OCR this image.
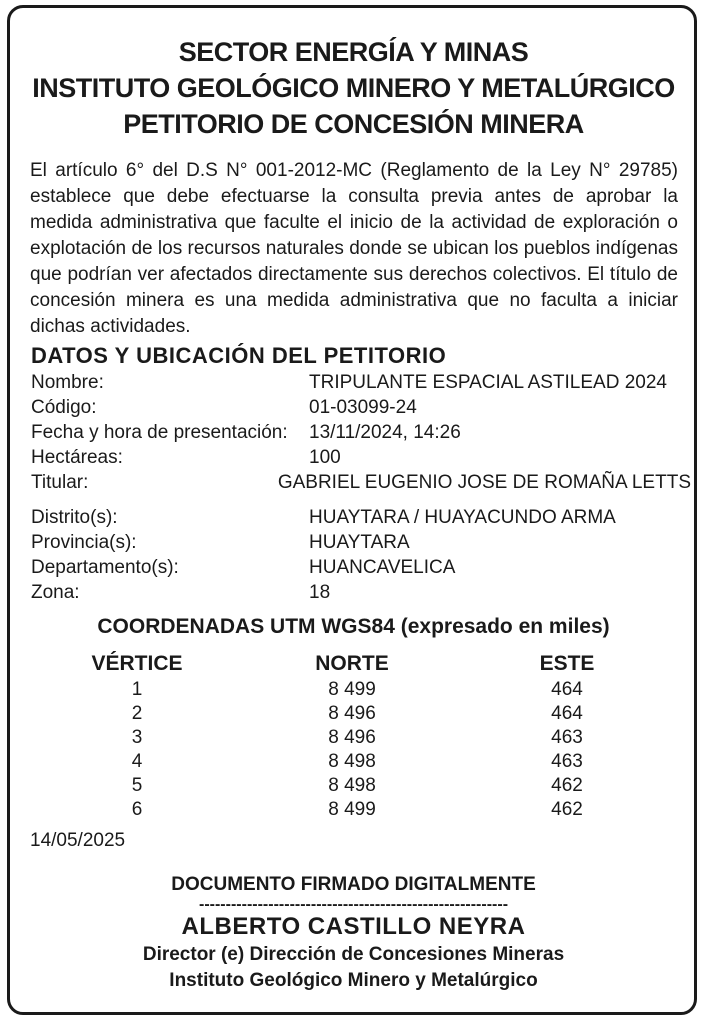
SECTOR ENERGÍA Y MINAS
INSTITUTO GEOLÓGICO MINERO Y METALÚRGICO
PETITORIO DE CONCESIÓN MINERA
El artículo 6° del D.S N° 001-2012-MC (Reglamento de la Ley N° 29785) establece que debe efectuarse la consulta previa antes de aprobar la medida administrativa que faculte el inicio de la actividad de exploración o explotación de los recursos naturales donde se ubican los pueblos indígenas que podrían ver afectados directamente sus derechos colectivos. El título de concesión minera es una medida administrativa que no faculta a iniciar dichas actividades.
DATOS Y UBICACIÓN DEL PETITORIO
Nombre:	TRIPULANTE ESPACIAL ASTILEAD 2024
Código:	01-03099-24
Fecha y hora de presentación:	13/11/2024, 14:26
Hectáreas:	100
Titular:	GABRIEL EUGENIO JOSE DE ROMAÑA LETTS
Distrito(s):	HUAYTARA / HUAYACUNDO ARMA
Provincia(s):	HUAYTARA
Departamento(s):	HUANCAVELICA
Zona:	18
COORDENADAS UTM WGS84 (expresado en miles)
VÉRTICE	NORTE	ESTE
1	8 499	464
2	8 496	464
3	8 496	463
4	8 498	463
5	8 498	462
6	8 499	462
14/05/2025
DOCUMENTO FIRMADO DIGITALMENTE
----------------------------------------------------------
ALBERTO CASTILLO NEYRA
Director (e) Dirección de Concesiones Mineras
Instituto Geológico Minero y Metalúrgico
